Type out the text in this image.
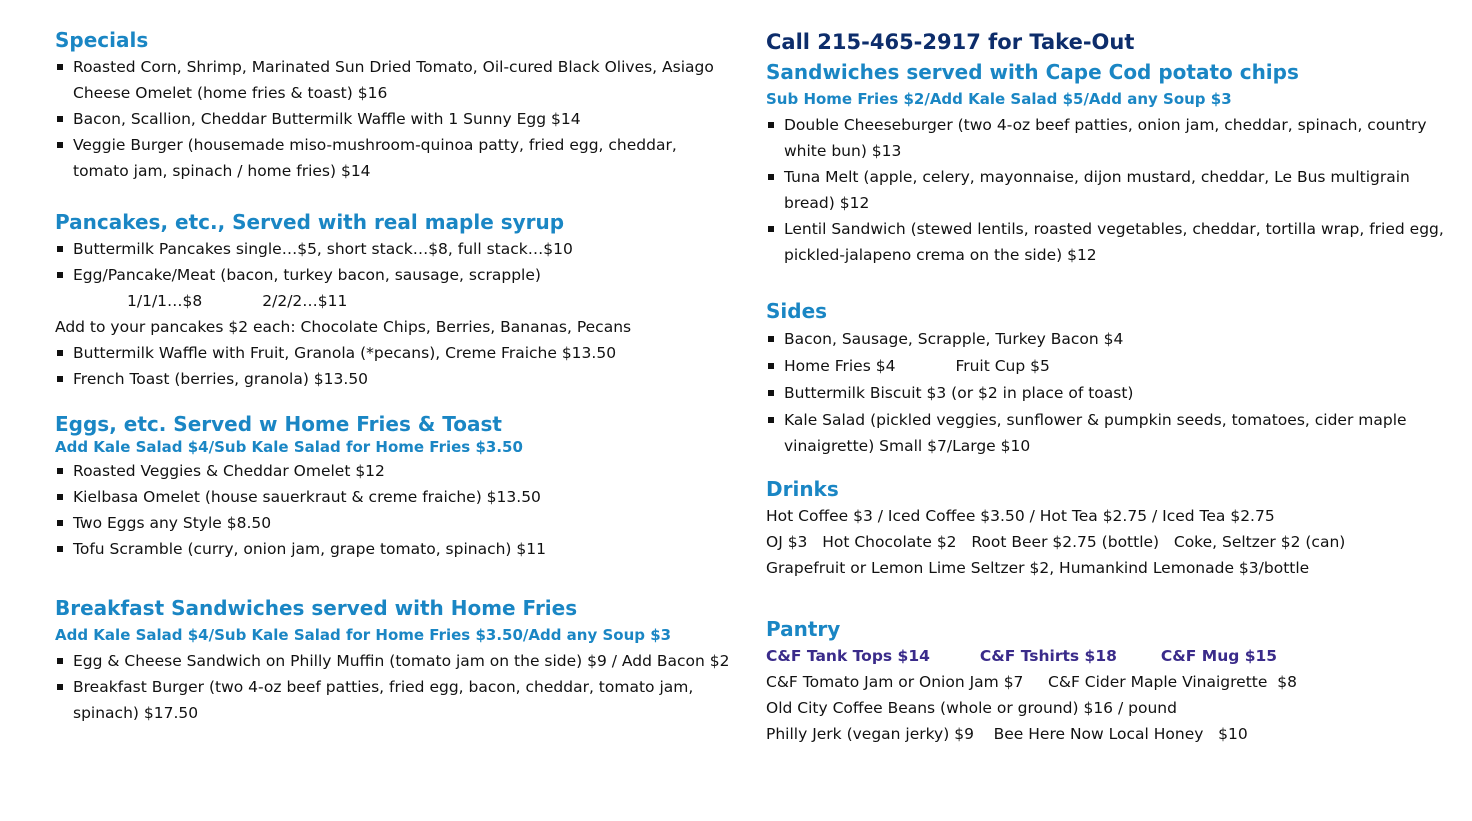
Specials
Roasted Corn, Shrimp, Marinated Sun Dried Tomato, Oil-cured Black Olives, Asiago Cheese Omelet (home fries & toast) $16
Bacon, Scallion, Cheddar Buttermilk Waffle with 1 Sunny Egg $14
Veggie Burger (housemade miso-mushroom-quinoa patty, fried egg, cheddar, tomato jam, spinach / home fries) $14
Pancakes, etc., Served with real maple syrup
Buttermilk Pancakes single…$5, short stack…$8, full stack…$10
Egg/Pancake/Meat (bacon, turkey bacon, sausage, scrapple)

1/1/1…$8	2/2/2…$11

Add to your pancakes $2 each: Chocolate Chips, Berries, Bananas, Pecans

Buttermilk Waffle with Fruit, Granola (*pecans), Creme Fraiche $13.50
French Toast (berries, granola) $13.50
Eggs, etc. Served w Home Fries & Toast

Add Kale Salad $4/Sub Kale Salad for Home Fries $3.50

Roasted Veggies & Cheddar Omelet $12
Kielbasa Omelet (house sauerkraut & creme fraiche) $13.50
Two Eggs any Style $8.50
Tofu Scramble (curry, onion jam, grape tomato, spinach) $11
Breakfast Sandwiches served with Home Fries

Add Kale Salad $4/Sub Kale Salad for Home Fries $3.50/Add any Soup $3

Egg & Cheese Sandwich on Philly Muffin (tomato jam on the side) $9 / Add Bacon $2
Breakfast Burger (two 4-oz beef patties, fried egg, bacon, cheddar, tomato jam, spinach) $17.50
Call 215-465-2917 for Take-Out
Sandwiches served with Cape Cod potato chips

Sub Home Fries $2/Add Kale Salad $5/Add any Soup $3

Double Cheeseburger (two 4-oz beef patties, onion jam, cheddar, spinach, country white bun) $13
Tuna Melt (apple, celery, mayonnaise, dijon mustard, cheddar, Le Bus multigrain bread) $12
Lentil Sandwich (stewed lentils, roasted vegetables, cheddar, tortilla wrap, fried egg, pickled-jalapeno crema on the side) $12
Sides
Bacon, Sausage, Scrapple, Turkey Bacon $4
Home Fries $4	Fruit Cup $5
Buttermilk Biscuit $3 (or $2 in place of toast)
Kale Salad (pickled veggies, sunflower & pumpkin seeds, tomatoes, cider maple vinaigrette) Small $7/Large $10
Drinks

Hot Coffee $3 / Iced Coffee $3.50 / Hot Tea $2.75 / Iced Tea $2.75

OJ $3   Hot Chocolate $2   Root Beer $2.75 (bottle)   Coke, Seltzer $2 (can)

Grapefruit or Lemon Lime Seltzer $2, Humankind Lemonade $3/bottle

Pantry

C&F Tank Tops $14	C&F Tshirts $18	C&F Mug $15

C&F Tomato Jam or Onion Jam $7     C&F Cider Maple Vinaigrette  $8

Old City Coffee Beans (whole or ground) $16 / pound

Philly Jerk (vegan jerky) $9    Bee Here Now Local Honey   $10
